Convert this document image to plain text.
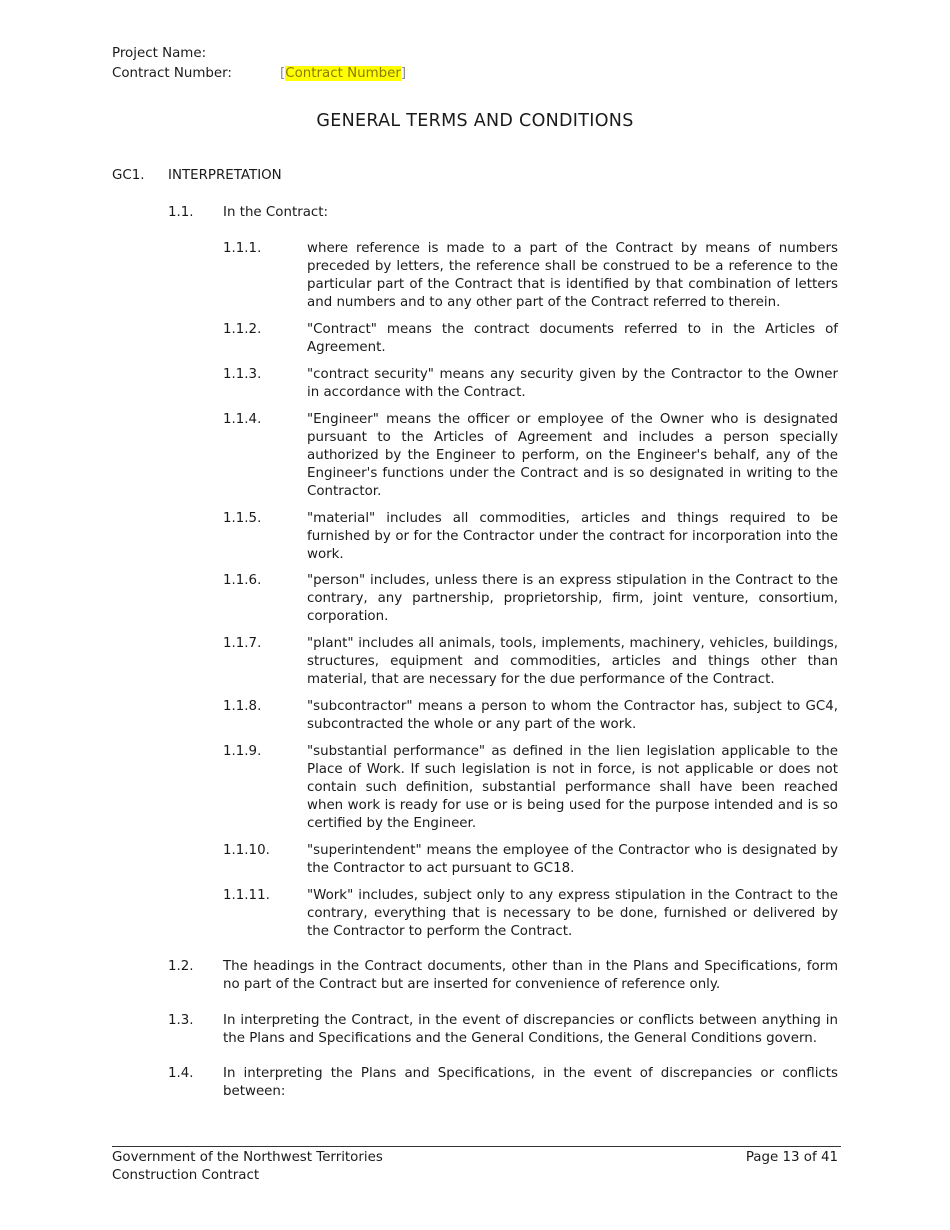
Project Name:
Contract Number:	[Contract Number]
GENERAL TERMS AND CONDITIONS
GC1. INTERPRETATION
1.1. In the Contract:
1.1.1.	where reference is made to a part of the Contract by means of numbers preceded by letters, the reference shall be construed to be a reference to the particular part of the Contract that is identified by that combination of letters and numbers and to any other part of the Contract referred to therein.
1.1.2.	"Contract" means the contract documents referred to in the Articles of Agreement.
1.1.3.	"contract security" means any security given by the Contractor to the Owner in accordance with the Contract.
1.1.4.	"Engineer" means the officer or employee of the Owner who is designated pursuant to the Articles of Agreement and includes a person specially authorized by the Engineer to perform, on the Engineer's behalf, any of the Engineer's functions under the Contract and is so designated in writing to the Contractor.
1.1.5.	"material" includes all commodities, articles and things required to be furnished by or for the Contractor under the contract for incorporation into the work.
1.1.6.	"person" includes, unless there is an express stipulation in the Contract to the contrary, any partnership, proprietorship, firm, joint venture, consortium, corporation.
1.1.7.	"plant" includes all animals, tools, implements, machinery, vehicles, buildings, structures, equipment and commodities, articles and things other than material, that are necessary for the due performance of the Contract.
1.1.8.	"subcontractor" means a person to whom the Contractor has, subject to GC4, subcontracted the whole or any part of the work.
1.1.9.	"substantial performance" as defined in the lien legislation applicable to the Place of Work. If such legislation is not in force, is not applicable or does not contain such definition, substantial performance shall have been reached when work is ready for use or is being used for the purpose intended and is so certified by the Engineer.
1.1.10.	"superintendent" means the employee of the Contractor who is designated by the Contractor to act pursuant to GC18.
1.1.11.	"Work" includes, subject only to any express stipulation in the Contract to the contrary, everything that is necessary to be done, furnished or delivered by the Contractor to perform the Contract.
1.2. The headings in the Contract documents, other than in the Plans and Specifications, form no part of the Contract but are inserted for convenience of reference only.
1.3. In interpreting the Contract, in the event of discrepancies or conflicts between anything in the Plans and Specifications and the General Conditions, the General Conditions govern.
1.4. In interpreting the Plans and Specifications, in the event of discrepancies or conflicts between:
Government of the Northwest Territories
Construction Contract
Page 13 of 41
